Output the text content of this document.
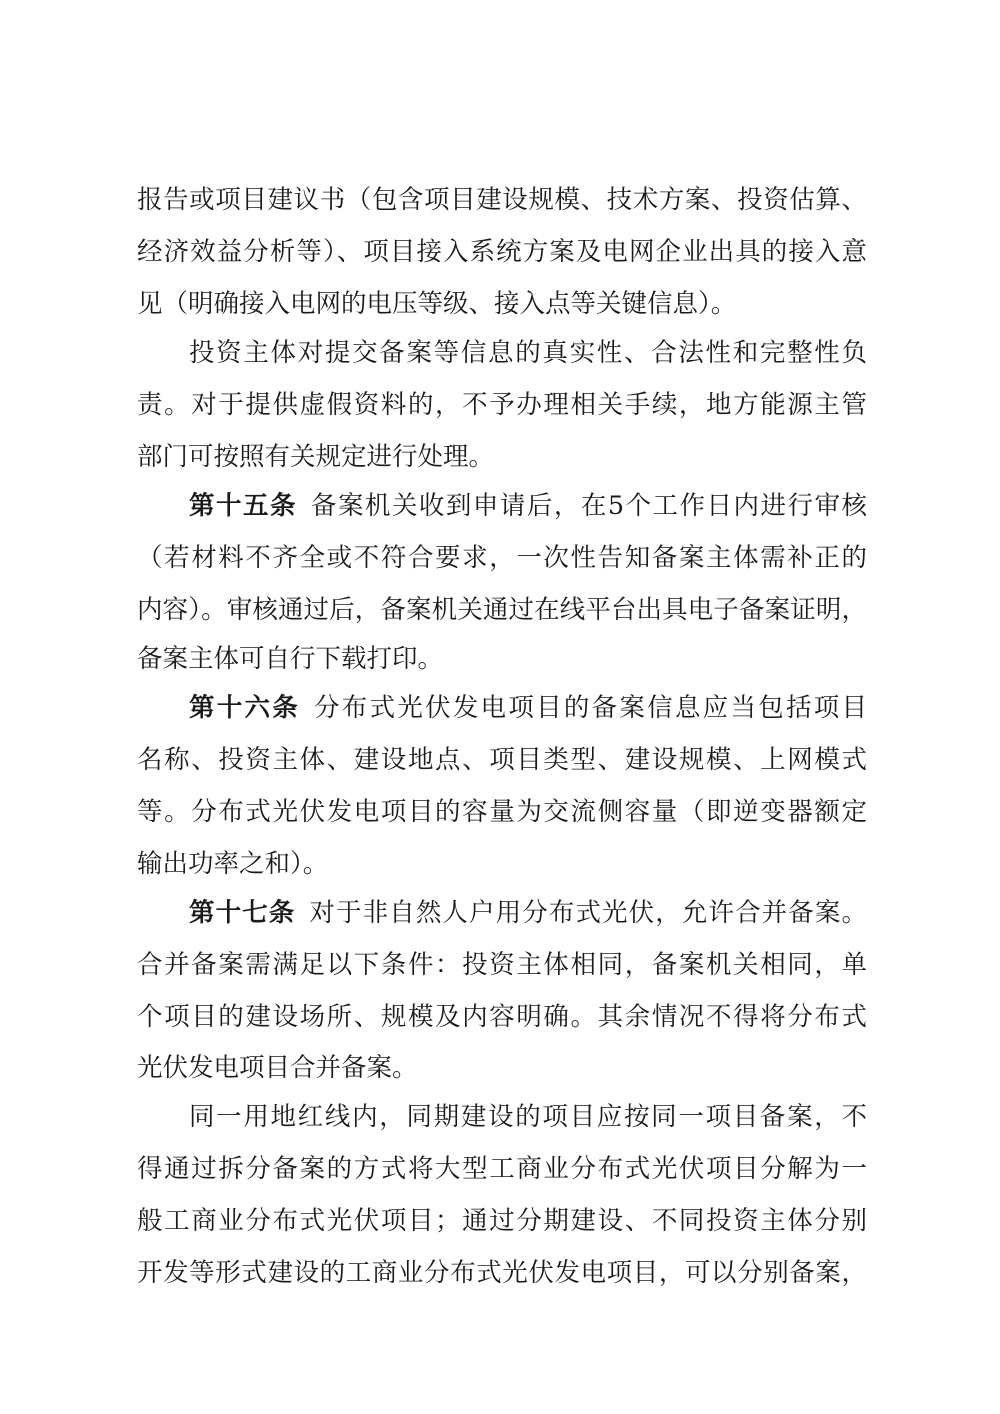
报告或项目建议书（包含项目建设规模、技术方案、投资估算、
经济效益分析等）、项目接入系统方案及电网企业出具的接入意
见（明确接入电网的电压等级、接入点等关键信息）。
投资主体对提交备案等信息的真实性、合法性和完整性负
责。对于提供虚假资料的，不予办理相关手续，地方能源主管
部门可按照有关规定进行处理。
第十五条 备案机关收到申请后，在5个工作日内进行审核
（若材料不齐全或不符合要求，一次性告知备案主体需补正的
内容）。审核通过后，备案机关通过在线平台出具电子备案证明，
备案主体可自行下载打印。
第十六条 分布式光伏发电项目的备案信息应当包括项目
名称、投资主体、建设地点、项目类型、建设规模、上网模式
等。分布式光伏发电项目的容量为交流侧容量（即逆变器额定
输出功率之和）。
第十七条 对于非自然人户用分布式光伏，允许合并备案。
合并备案需满足以下条件：投资主体相同，备案机关相同，单
个项目的建设场所、规模及内容明确。其余情况不得将分布式
光伏发电项目合并备案。
同一用地红线内，同期建设的项目应按同一项目备案，不
得通过拆分备案的方式将大型工商业分布式光伏项目分解为一
般工商业分布式光伏项目；通过分期建设、不同投资主体分别
开发等形式建设的工商业分布式光伏发电项目，可以分别备案，
